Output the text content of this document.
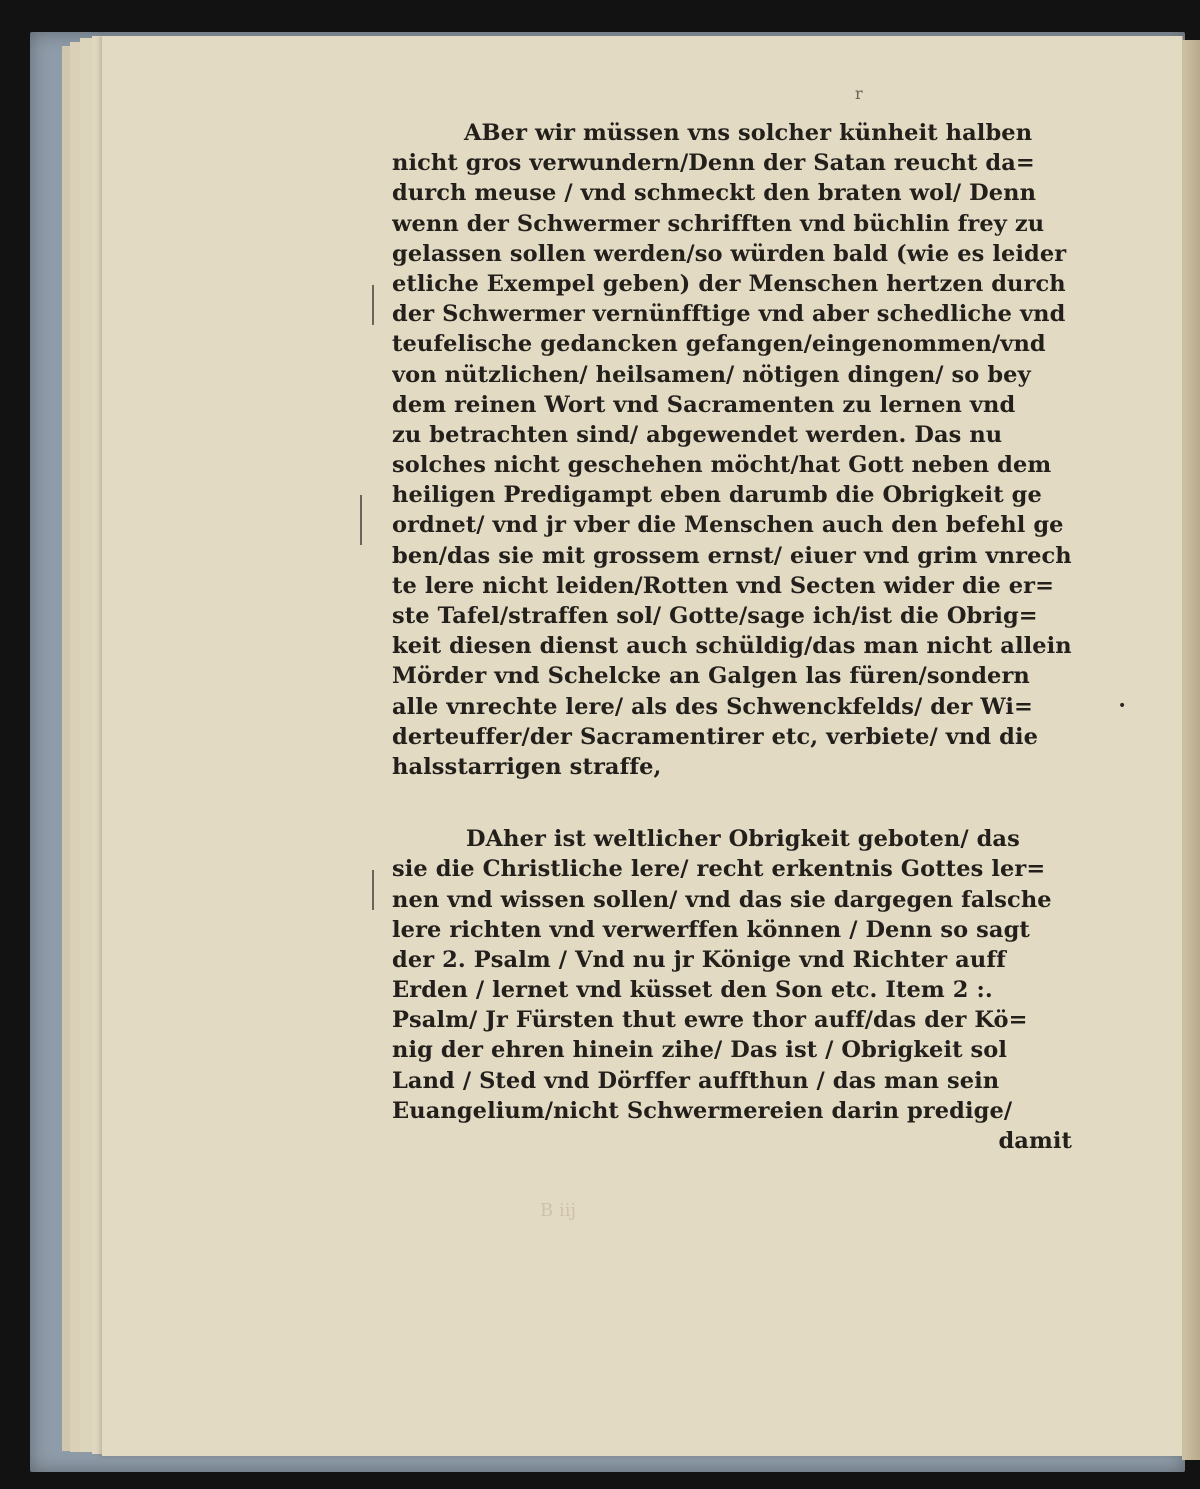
r
•
B iij
ABer wir müssen vns solcher künheit halben
nicht gros verwundern/Denn der Satan reucht da=
durch meuse / vnd schmeckt den braten wol/ Denn
wenn der Schwermer schrifften vnd büchlin frey zu
gelassen sollen werden/so würden bald (wie es leider
etliche Exempel geben) der Menschen hertzen durch
der Schwermer vernünfftige vnd aber schedliche vnd
teufelische gedancken gefangen/eingenommen/vnd
von nützlichen/ heilsamen/ nötigen dingen/ so bey
dem reinen Wort vnd Sacramenten zu lernen vnd
zu betrachten sind/ abgewendet werden. Das nu
solches nicht geschehen möcht/hat Gott neben dem
heiligen Predigampt eben darumb die Obrigkeit ge
ordnet/ vnd jr vber die Menschen auch den befehl ge
ben/das sie mit grossem ernst/ eiuer vnd grim vnrech
te lere nicht leiden/Rotten vnd Secten wider die er=
ste Tafel/straffen sol/ Gotte/sage ich/ist die Obrig=
keit diesen dienst auch schüldig/das man nicht allein
Mörder vnd Schelcke an Galgen las füren/sondern
alle vnrechte lere/ als des Schwenckfelds/ der Wi=
derteuffer/der Sacramentirer etc, verbiete/ vnd die
halsstarrigen straffe,
DAher ist weltlicher Obrigkeit geboten/ das
sie die Christliche lere/ recht erkentnis Gottes ler=
nen vnd wissen sollen/ vnd das sie dargegen falsche
lere richten vnd verwerffen können / Denn so sagt
der 2. Psalm / Vnd nu jr Könige vnd Richter auff
Erden / lernet vnd küsset den Son etc. Item 2 :.
Psalm/ Jr Fürsten thut ewre thor auff/das der Kö=
nig der ehren hinein zihe/ Das ist / Obrigkeit sol
Land / Sted vnd Dörffer auffthun / das man sein
Euangelium/nicht Schwermereien darin predige/
damit
